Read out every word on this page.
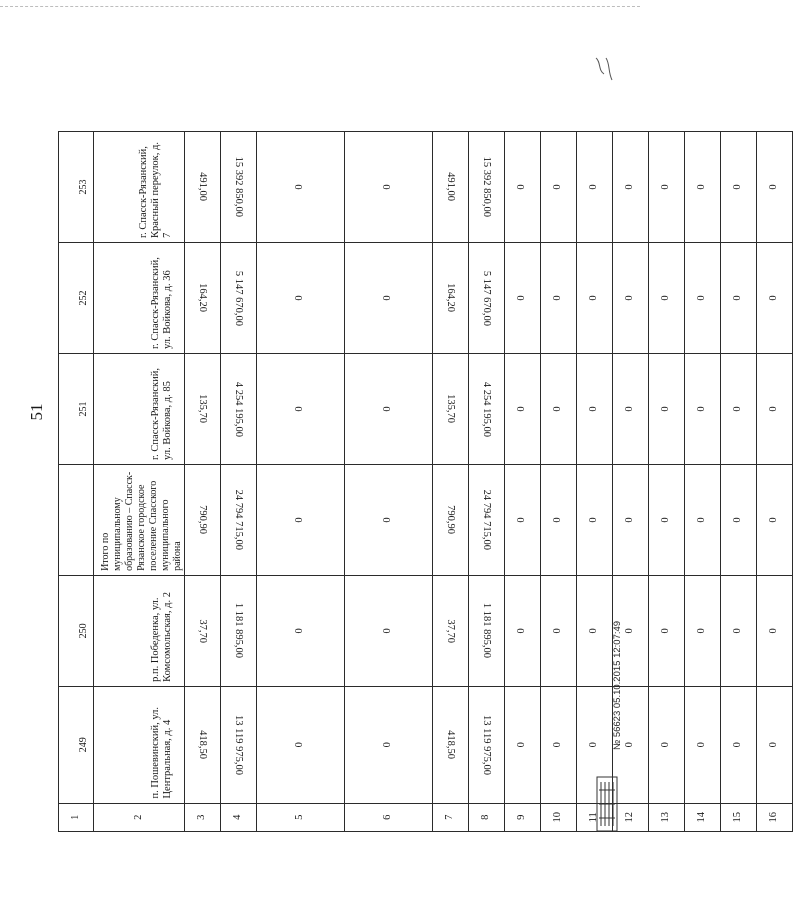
51
1	249	250		251	252	253
2	п. Пошевинский, ул. Центральная, д. 4	р.п. Победенка, ул. Комсомольская, д. 2	Итого по муниципальному образованию – Спасск-Рязанское городское поселение Спасского муниципального района	г. Спасск-Рязанский, ул. Войкова, д. 85	г. Спасск-Рязанский, ул. Войкова, д. 36	г. Спасск-Рязанский, Красный переулок, д. 7
3	418,50	37,70	790,90	135,70	164,20	491,00
4	13 119 975,00	1 181 895,00	24 794 715,00	4 254 195,00	5 147 670,00	15 392 850,00
5	0	0	0	0	0	0
6	0	0	0	0	0	0
7	418,50	37,70	790,90	135,70	164,20	491,00
8	13 119 975,00	1 181 895,00	24 794 715,00	4 254 195,00	5 147 670,00	15 392 850,00
9	0	0	0	0	0	0
10	0	0	0	0	0	0
11	0	0	0	0	0	0
12	0	0	0	0	0	0
13	0	0	0	0	0	0
14	0	0	0	0	0	0
15	0	0	0	0	0	0
16	0	0	0	0	0	0
№ 56623 05.10.2015 12:07:49
